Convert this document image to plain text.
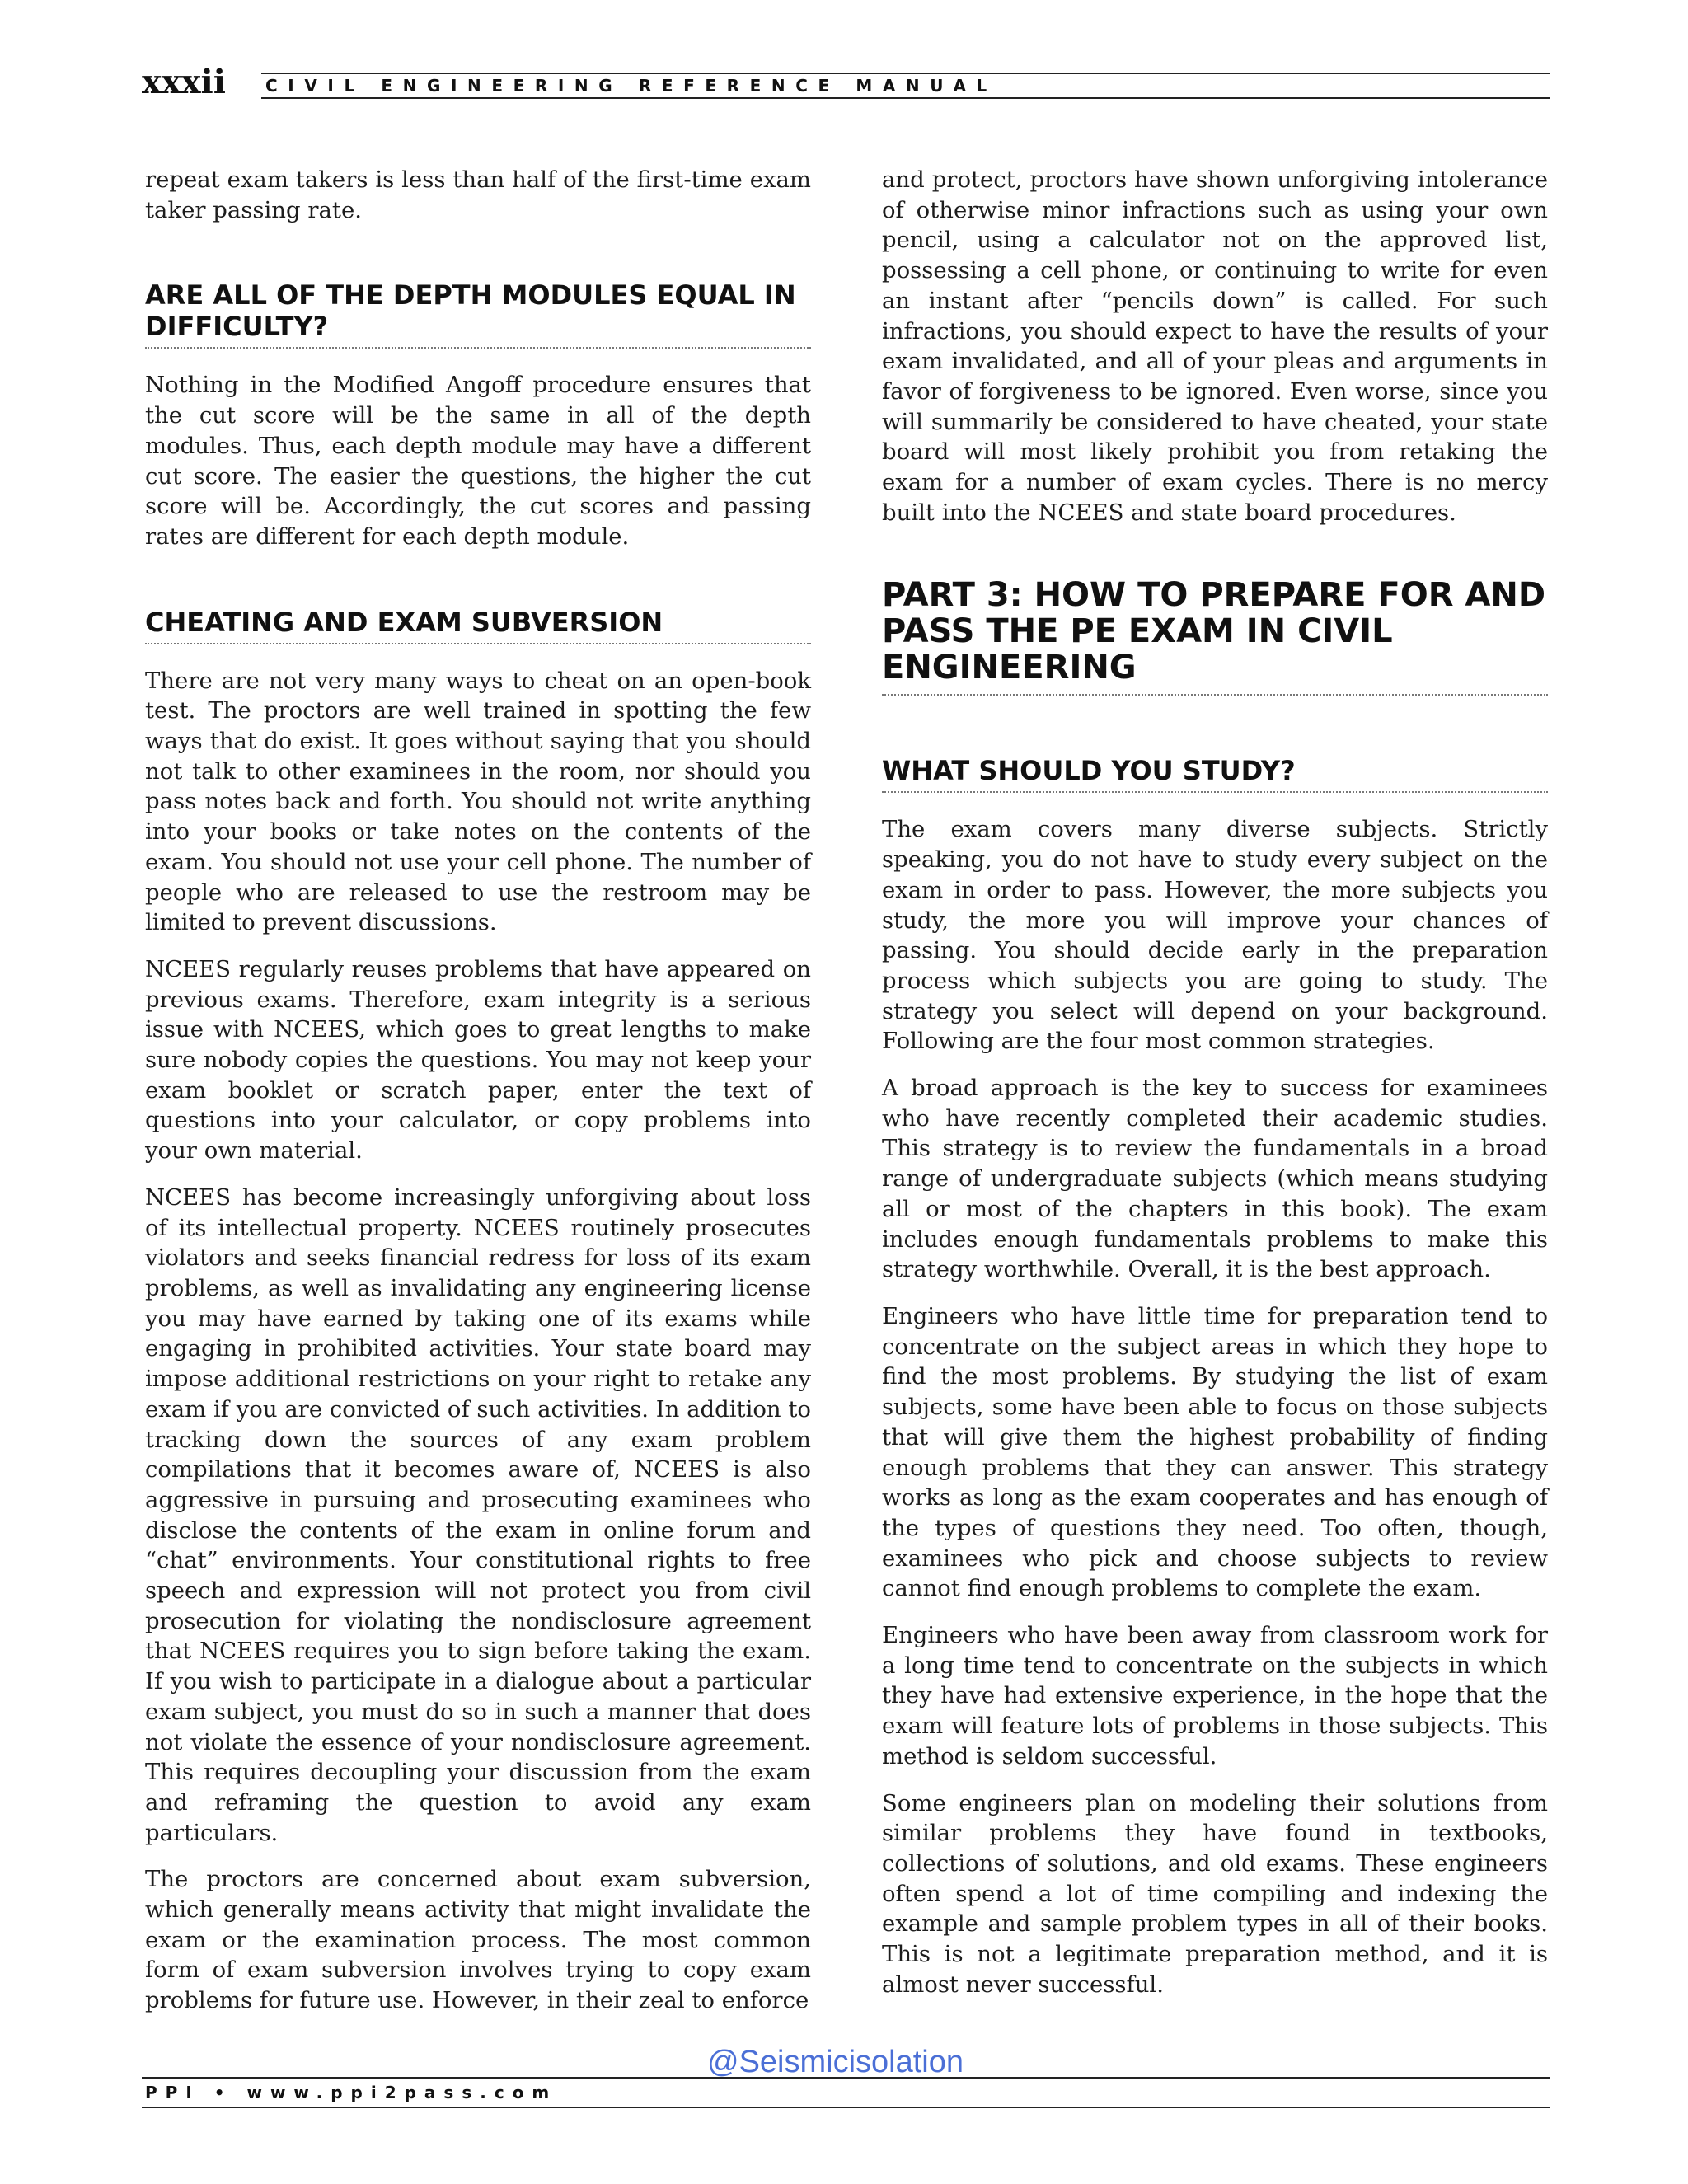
xxxii CIVIL ENGINEERING REFERENCE MANUAL

repeat exam takers is less than half of the first-time exam taker passing rate.

ARE ALL OF THE DEPTH MODULES EQUAL IN DIFFICULTY?

Nothing in the Modified Angoff procedure ensures that the cut score will be the same in all of the depth modules. Thus, each depth module may have a different cut score. The easier the questions, the higher the cut score will be. Accordingly, the cut scores and passing rates are different for each depth module.

CHEATING AND EXAM SUBVERSION

There are not very many ways to cheat on an open-book test. The proctors are well trained in spotting the few ways that do exist. It goes without saying that you should not talk to other examinees in the room, nor should you pass notes back and forth. You should not write anything into your books or take notes on the contents of the exam. You should not use your cell phone. The number of people who are released to use the restroom may be limited to prevent discussions.

NCEES regularly reuses problems that have appeared on previous exams. Therefore, exam integrity is a serious issue with NCEES, which goes to great lengths to make sure nobody copies the questions. You may not keep your exam booklet or scratch paper, enter the text of questions into your calculator, or copy problems into your own material.

NCEES has become increasingly unforgiving about loss of its intellectual property. NCEES routinely prosecutes violators and seeks financial redress for loss of its exam problems, as well as invalidating any engineering license you may have earned by taking one of its exams while engaging in prohibited activities. Your state board may impose additional restrictions on your right to retake any exam if you are convicted of such activities. In addition to tracking down the sources of any exam problem compilations that it becomes aware of, NCEES is also aggressive in pursuing and prosecuting examinees who disclose the contents of the exam in online forum and “chat” environments. Your constitutional rights to free speech and expression will not protect you from civil prosecution for violating the nondisclosure agreement that NCEES requires you to sign before taking the exam. If you wish to participate in a dialogue about a particular exam subject, you must do so in such a manner that does not violate the essence of your nondisclosure agreement. This requires decoupling your discussion from the exam and reframing the question to avoid any exam particulars.

The proctors are concerned about exam subversion, which generally means activity that might invalidate the exam or the examination process. The most common form of exam subversion involves trying to copy exam problems for future use. However, in their zeal to enforce

and protect, proctors have shown unforgiving intolerance of otherwise minor infractions such as using your own pencil, using a calculator not on the approved list, possessing a cell phone, or continuing to write for even an instant after “pencils down” is called. For such infractions, you should expect to have the results of your exam invalidated, and all of your pleas and arguments in favor of forgiveness to be ignored. Even worse, since you will summarily be considered to have cheated, your state board will most likely prohibit you from retaking the exam for a number of exam cycles. There is no mercy built into the NCEES and state board procedures.

PART 3: HOW TO PREPARE FOR AND PASS THE PE EXAM IN CIVIL ENGINEERING
WHAT SHOULD YOU STUDY?

The exam covers many diverse subjects. Strictly speaking, you do not have to study every subject on the exam in order to pass. However, the more subjects you study, the more you will improve your chances of passing. You should decide early in the preparation process which subjects you are going to study. The strategy you select will depend on your background. Following are the four most common strategies.

A broad approach is the key to success for examinees who have recently completed their academic studies. This strategy is to review the fundamentals in a broad range of undergraduate subjects (which means studying all or most of the chapters in this book). The exam includes enough fundamentals problems to make this strategy worthwhile. Overall, it is the best approach.

Engineers who have little time for preparation tend to concentrate on the subject areas in which they hope to find the most problems. By studying the list of exam subjects, some have been able to focus on those subjects that will give them the highest probability of finding enough problems that they can answer. This strategy works as long as the exam cooperates and has enough of the types of questions they need. Too often, though, examinees who pick and choose subjects to review cannot find enough problems to complete the exam.

Engineers who have been away from classroom work for a long time tend to concentrate on the subjects in which they have had extensive experience, in the hope that the exam will feature lots of problems in those subjects. This method is seldom successful.

Some engineers plan on modeling their solutions from similar problems they have found in textbooks, collections of solutions, and old exams. These engineers often spend a lot of time compiling and indexing the example and sample problem types in all of their books. This is not a legitimate preparation method, and it is almost never successful.

@Seismicisolation
PPI • www.ppi2pass.com
